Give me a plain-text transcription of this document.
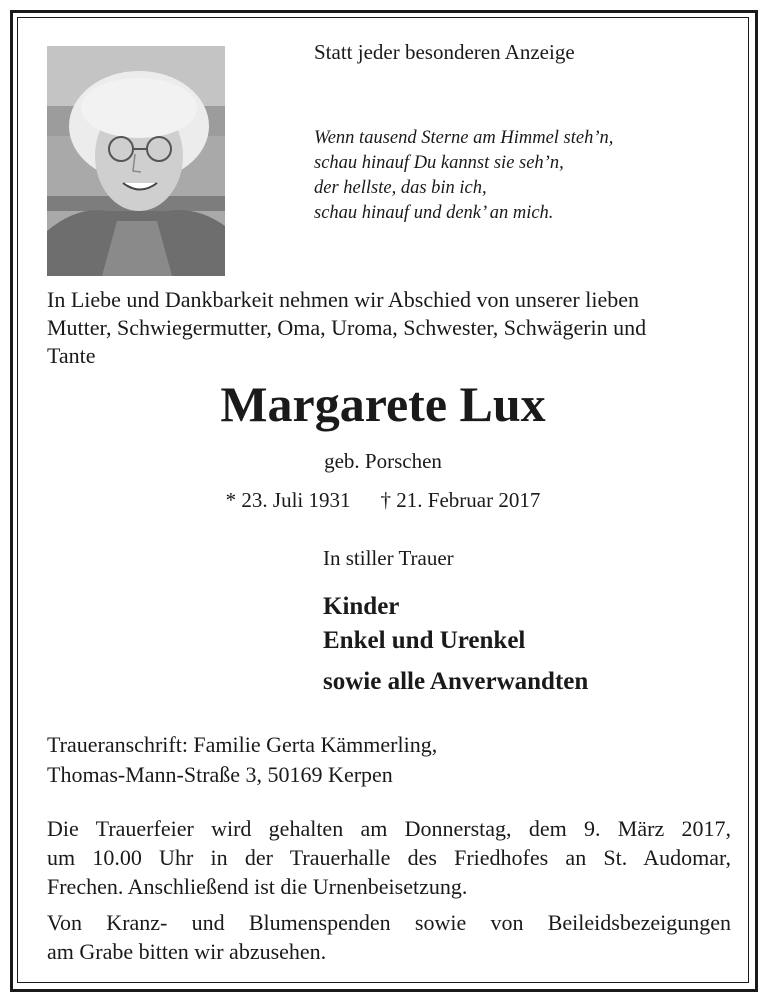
Statt jeder besonderen Anzeige
Wenn tausend Sterne am Himmel steh’n,
schau hinauf Du kannst sie seh’n,
der hellste, das bin ich,
schau hinauf und denk’ an mich.
In Liebe und Dankbarkeit nehmen wir Abschied von unserer lieben
Mutter, Schwiegermutter, Oma, Uroma, Schwester, Schwägerin und
Tante
Margarete Lux
geb. Porschen
* 23. Juli 1931 † 21. Februar 2017
In stiller Trauer
Kinder
Enkel und Urenkel
sowie alle Anverwandten
Traueranschrift: Familie Gerta Kämmerling,
Thomas-Mann-Straße 3, 50169 Kerpen
Die Trauerfeier wird gehalten am Donnerstag, dem 9. März 2017,
um 10.00 Uhr in der Trauerhalle des Friedhofes an St. Audomar,
Frechen. Anschließend ist die Urnenbeisetzung.
Von Kranz- und Blumenspenden sowie von Beileidsbezeigungen
am Grabe bitten wir abzusehen.
